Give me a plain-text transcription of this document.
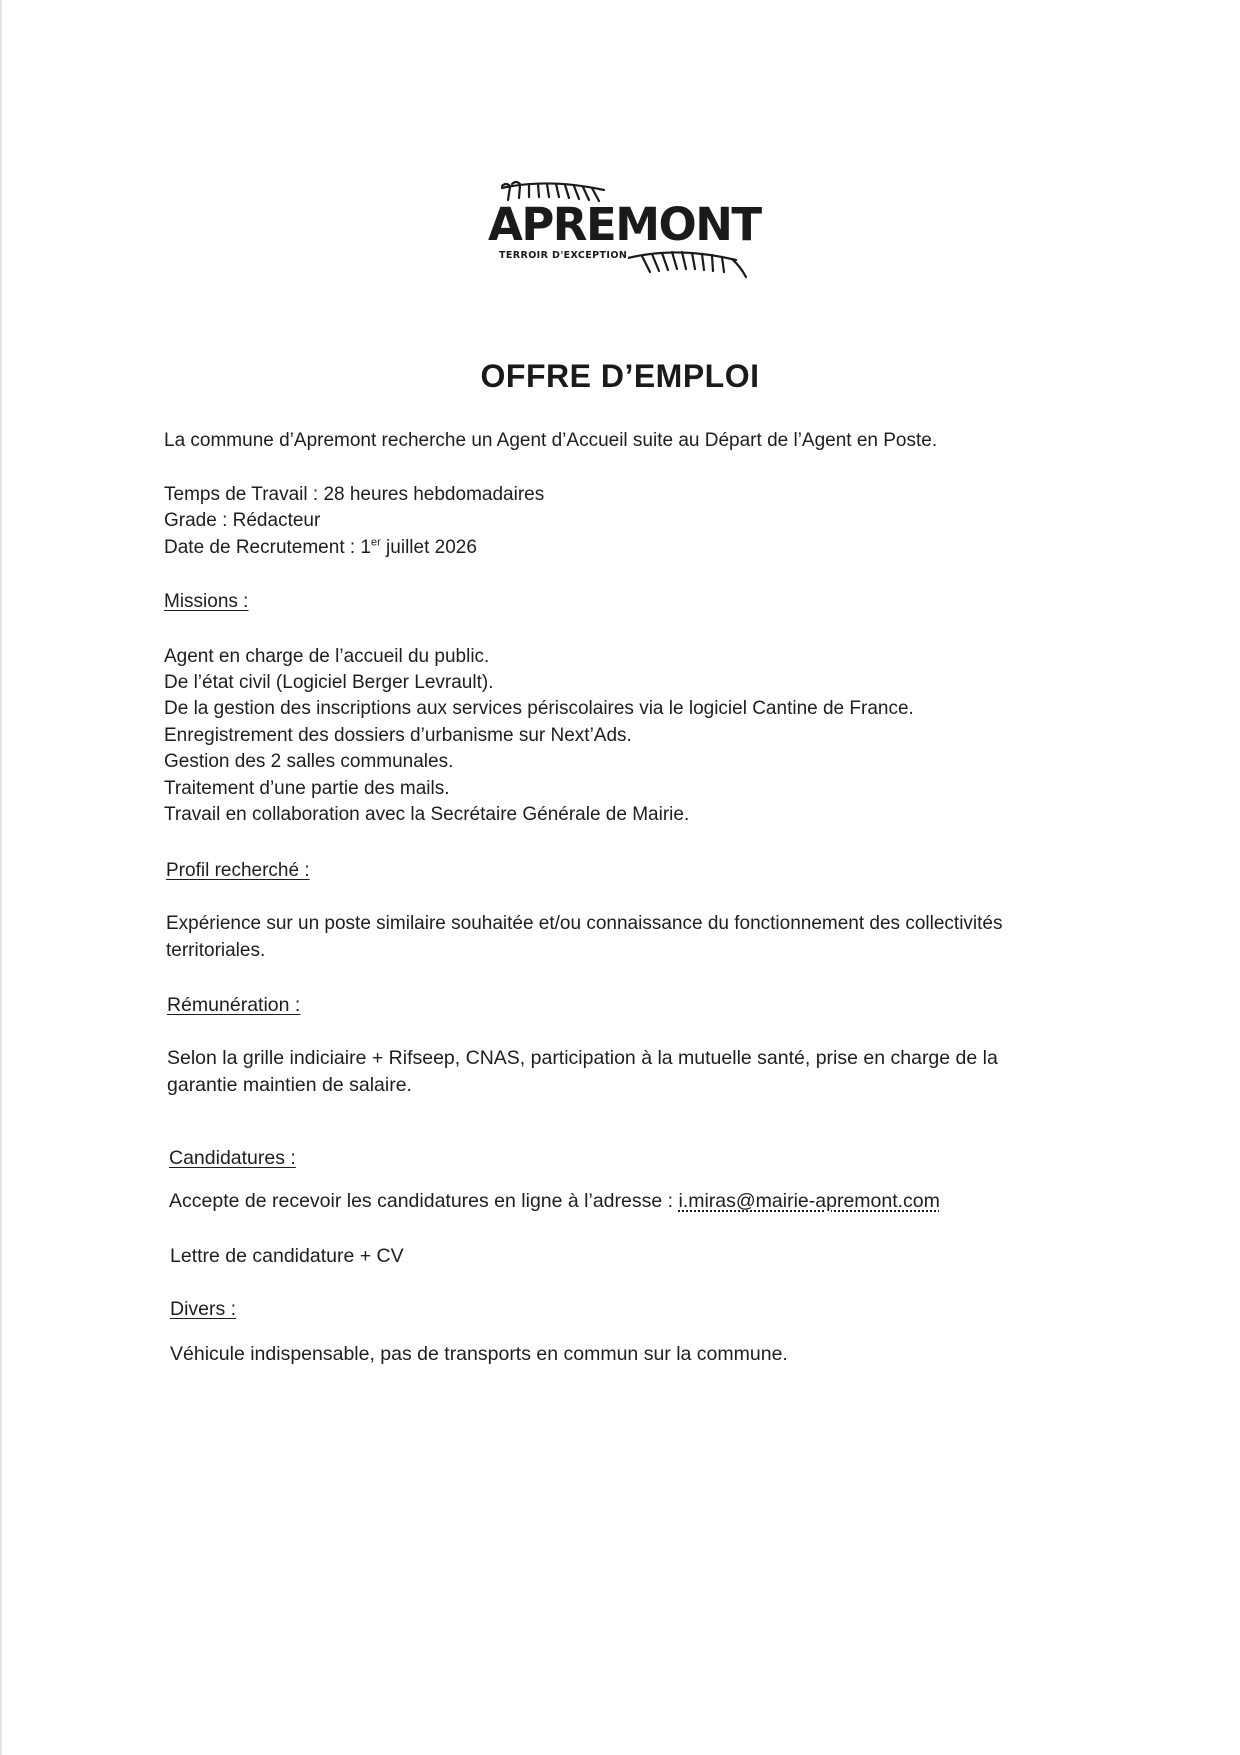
APREMONT
TERROIR D'EXCEPTION
OFFRE D’EMPLOI
La commune d’Apremont recherche un Agent d’Accueil suite au Départ de l’Agent en Poste.
Temps de Travail : 28 heures hebdomadaires
Grade : Rédacteur
Date de Recrutement : 1er juillet 2026
Missions :
Agent en charge de l’accueil du public.
De l’état civil (Logiciel Berger Levrault).
De la gestion des inscriptions aux services périscolaires via le logiciel Cantine de France.
Enregistrement des dossiers d’urbanisme sur Next’Ads.
Gestion des 2 salles communales.
Traitement d’une partie des mails.
Travail en collaboration avec la Secrétaire Générale de Mairie.
Profil recherché :
Expérience sur un poste similaire souhaitée et/ou connaissance du fonctionnement des collectivités
territoriales.
Rémunération :
Selon la grille indiciaire + Rifseep, CNAS, participation à la mutuelle santé, prise en charge de la
garantie maintien de salaire.
Candidatures :
Accepte de recevoir les candidatures en ligne à l’adresse : i.miras@mairie-apremont.com
Lettre de candidature + CV
Divers :
Véhicule indispensable, pas de transports en commun sur la commune.
